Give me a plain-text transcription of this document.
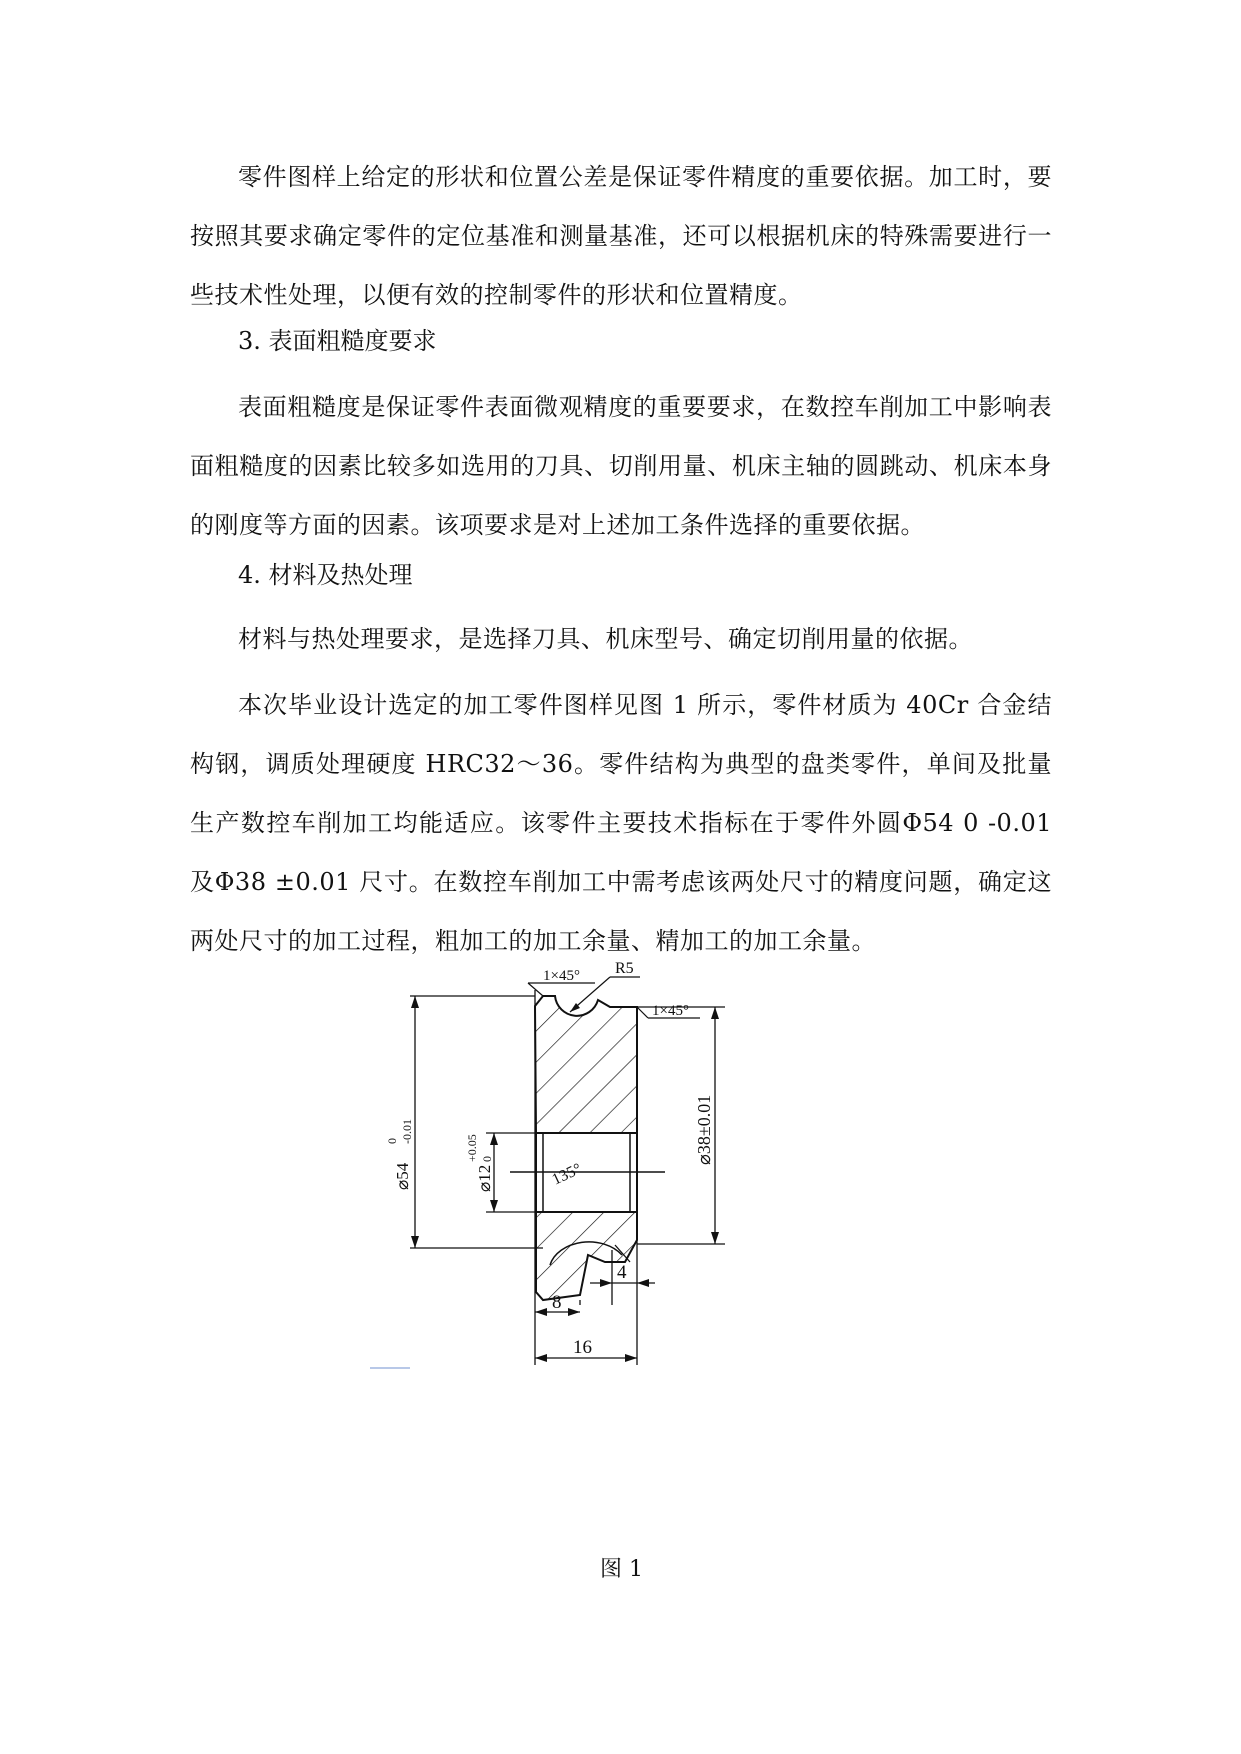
零件图样上给定的形状和位置公差是保证零件精度的重要依据。加工时，要按照其要求确定零件的定位基准和测量基准，还可以根据机床的特殊需要进行一些技术性处理，以便有效的控制零件的形状和位置精度。

3. 表面粗糙度要求

表面粗糙度是保证零件表面微观精度的重要要求，在数控车削加工中影响表面粗糙度的因素比较多如选用的刀具、切削用量、机床主轴的圆跳动、机床本身的刚度等方面的因素。该项要求是对上述加工条件选择的重要依据。

4. 材料及热处理

材料与热处理要求，是选择刀具、机床型号、确定切削用量的依据。

本次毕业设计选定的加工零件图样见图 1 所示，零件材质为 40Cr 合金结构钢，调质处理硬度 HRC32～36。零件结构为典型的盘类零件，单间及批量生产数控车削加工均能适应。该零件主要技术指标在于零件外圆Φ54 0 -0.01 及Φ38 ±0.01 尺寸。在数控车削加工中需考虑该两处尺寸的精度问题，确定这两处尺寸的加工过程，粗加工的加工余量、精加工的加工余量。

1×45° R5
1×45°
⌀54
0 -0.01
⌀12
+0.05 0	⌀38±0.01
135°
4
8
16
图 1
